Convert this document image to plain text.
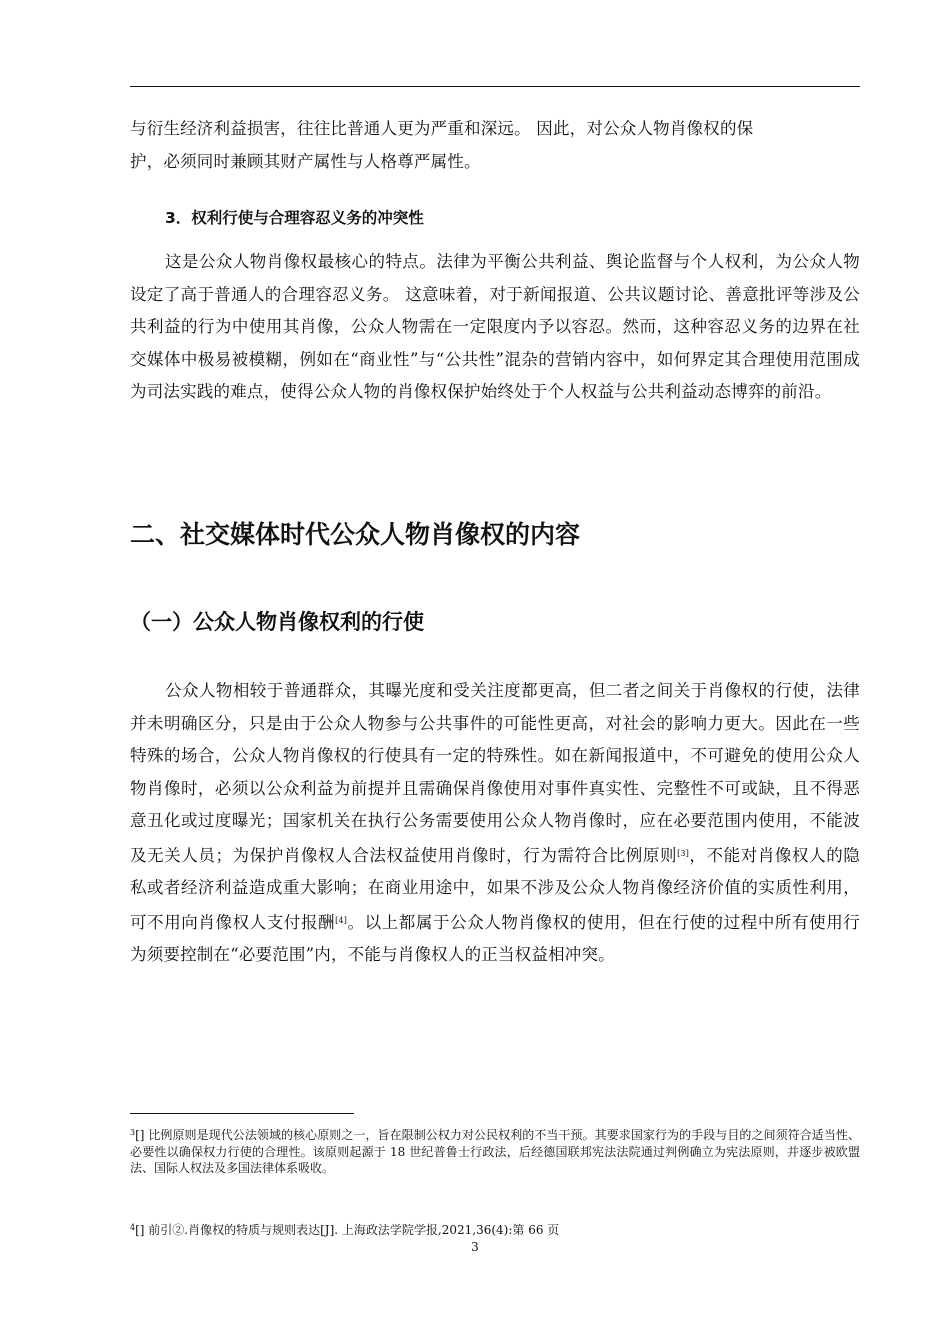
与衍生经济利益损害，往往比普通人更为严重和深远。 因此，对公众人物肖像权的保
护，必须同时兼顾其财产属性与人格尊严属性。

3．权利行使与合理容忍义务的冲突性

这是公众人物肖像权最核心的特点。法律为平衡公共利益、舆论监督与个人权利，为公众人物设定了高于普通人的合理容忍义务。 这意味着，对于新闻报道、公共议题讨论、善意批评等涉及公共利益的行为中使用其肖像，公众人物需在一定限度内予以容忍。然而，这种容忍义务的边界在社交媒体中极易被模糊，例如在“商业性”与“公共性”混杂的营销内容中，如何界定其合理使用范围成为司法实践的难点，使得公众人物的肖像权保护始终处于个人权益与公共利益动态博弈的前沿。

二、社交媒体时代公众人物肖像权的内容
（一）公众人物肖像权利的行使

公众人物相较于普通群众，其曝光度和受关注度都更高，但二者之间关于肖像权的行使，法律并未明确区分，只是由于公众人物参与公共事件的可能性更高，对社会的影响力更大。因此在一些特殊的场合，公众人物肖像权的行使具有一定的特殊性。如在新闻报道中，不可避免的使用公众人物肖像时，必须以公众利益为前提并且需确保肖像使用对事件真实性、完整性不可或缺，且不得恶意丑化或过度曝光；国家机关在执行公务需要使用公众人物肖像时，应在必要范围内使用，不能波及无关人员；为保护肖像权人合法权益使用肖像时，行为需符合比例原则[3]，不能对肖像权人的隐私或者经济利益造成重大影响；在商业用途中，如果不涉及公众人物肖像经济价值的实质性利用，可不用向肖像权人支付报酬[4]。以上都属于公众人物肖像权的使用，但在行使的过程中所有使用行为须要控制在“必要范围”内，不能与肖像权人的正当权益相冲突。

$^3$[] 比例原则是现代公法领域的核心原则之一，旨在限制公权力对公民权利的不当干预。其要求国家行为的手段与目的之间须符合适当性、必要性以确保权力行使的合理性。该原则起源于 18 世纪普鲁士行政法，后经德国联邦宪法法院通过判例确立为宪法原则，并逐步被欧盟法、国际人权法及多国法律体系吸收。

$^4$[] 前引②.肖像权的特质与规则表达[J]. 上海政法学院学报,2021,36(4):第 66 页

3
